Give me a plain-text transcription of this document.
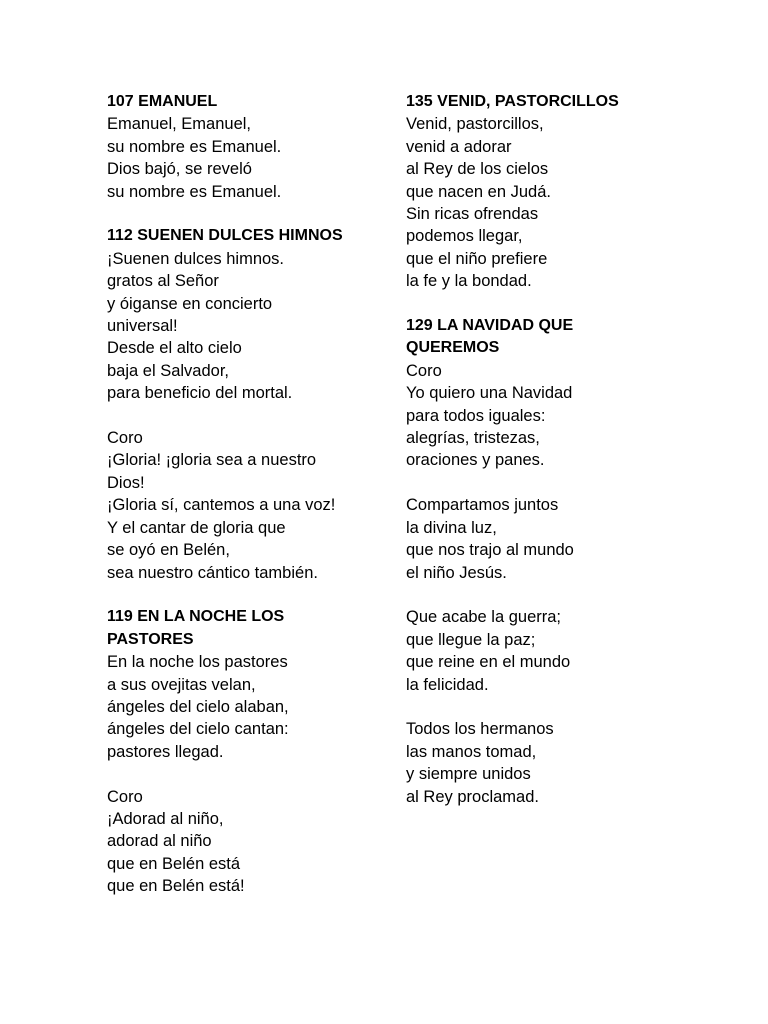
107 EMANUEL
Emanuel, Emanuel,
su nombre es Emanuel.
Dios bajó, se reveló
su nombre es Emanuel.
112 SUENEN DULCES HIMNOS
¡Suenen dulces himnos.
gratos al Señor
y óiganse en concierto
universal!
Desde el alto cielo
baja el Salvador,
para beneficio del mortal.
Coro
¡Gloria! ¡gloria sea a nuestro
Dios!
¡Gloria sí, cantemos a una voz!
Y el cantar de gloria que
se oyó en Belén,
sea nuestro cántico también.
119 EN LA NOCHE LOS PASTORES
En la noche los pastores
a sus ovejitas velan,
ángeles del cielo alaban,
ángeles del cielo cantan:
pastores llegad.
Coro
¡Adorad al niño,
adorad al niño
que en Belén está
que en Belén está!
135 VENID, PASTORCILLOS
Venid, pastorcillos,
venid a adorar
al Rey de los cielos
que nacen en Judá.
Sin ricas ofrendas
podemos llegar,
que el niño prefiere
la fe y la bondad.
129 LA NAVIDAD QUE QUEREMOS
Coro
Yo quiero una Navidad
para todos iguales:
alegrías, tristezas,
oraciones y panes.
Compartamos juntos
la divina luz,
que nos trajo al mundo
el niño Jesús.
Que acabe la guerra;
que llegue la paz;
que reine en el mundo
la felicidad.
Todos los hermanos
las manos tomad,
y siempre unidos
al Rey proclamad.
